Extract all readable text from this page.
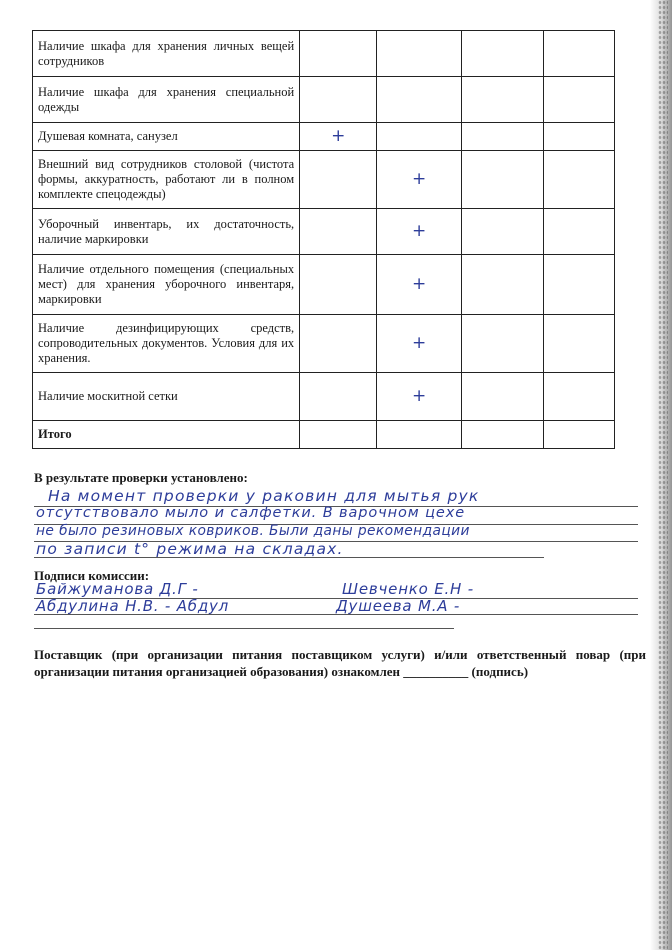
Наличие шкафа для хранения личных вещей сотрудников				
Наличие шкафа для хранения специальной одежды				
Душевая комната, санузел	+			
Внешний вид сотрудников столовой (чистота формы, аккуратность, работают ли в полном комплекте спецодежды)		+		
Уборочный инвентарь, их достаточность, наличие маркировки		+		
Наличие отдельного помещения (специальных мест) для хранения уборочного инвентаря, маркировки		+		
Наличие дезинфицирующих средств, сопроводительных документов. Условия для их хранения.		+		
Наличие москитной сетки		+		
Итого				
В результате проверки установлено:
На момент проверки у раковин для мытья рук
отсутствовало мыло и салфетки. В варочном цехе
не было резиновых ковриков. Были даны рекомендации
по записи t° режима на складах.
Подписи комиссии:
Байжуманова Д.Г -	Шевченко Е.Н -
Абдулина Н.В. - Абдул	Душеева М.А -
Поставщик (при организации питания поставщиком услуги) и/или ответственный повар (при организации питания организацией образования) ознакомлен __________ (подпись)
